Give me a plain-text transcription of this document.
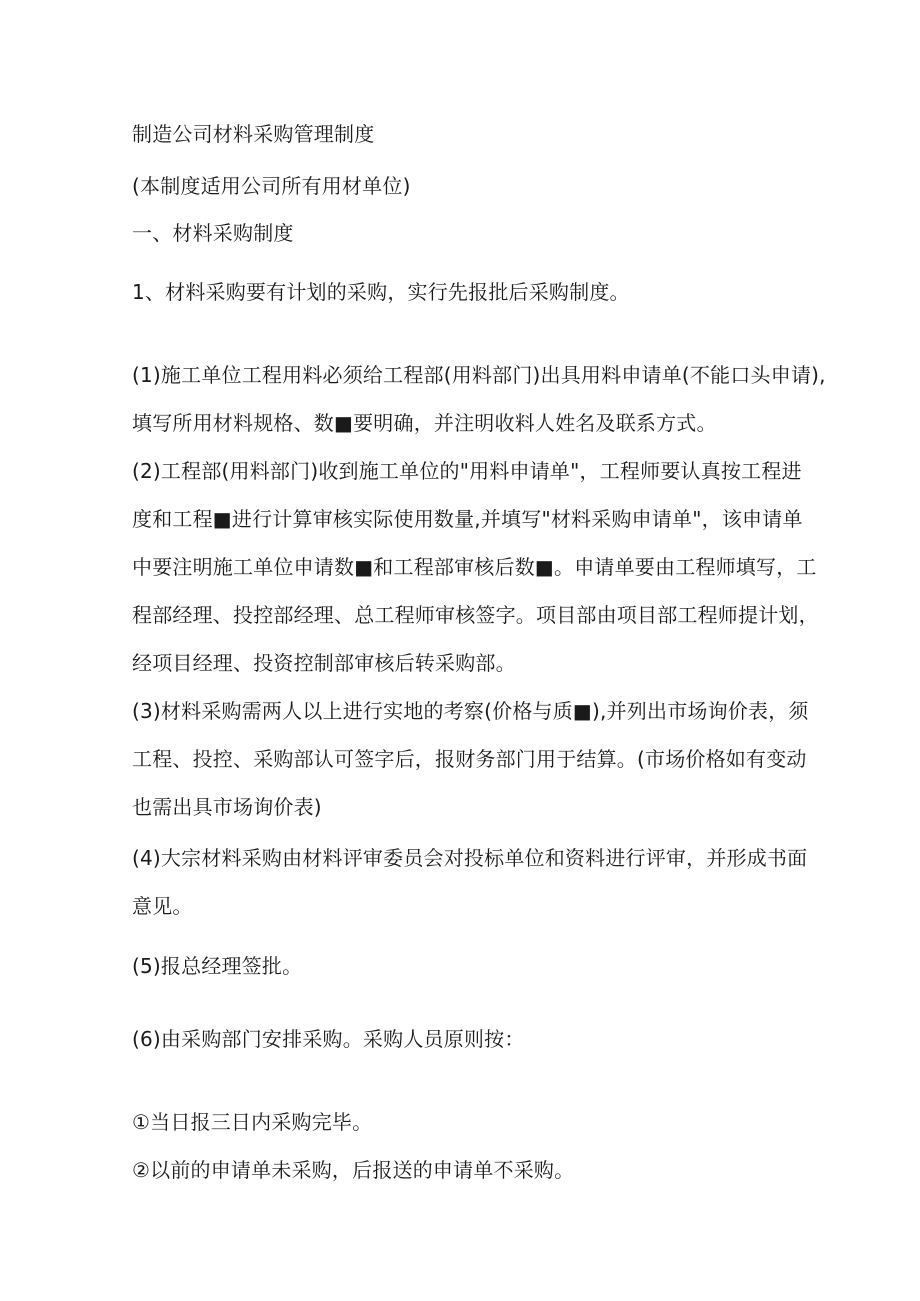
制造公司材料采购管理制度
(本制度适用公司所有用材单位)
一、材料采购制度
1、材料采购要有计划的采购，实行先报批后采购制度。
(1)施工单位工程用料必须给工程部(用料部门)出具用料申请单(不能口头申请),
填写所用材料规格、数■要明确，并注明收料人姓名及联系方式。
(2)工程部(用料部门)收到施工单位的"用料申请单"，工程师要认真按工程进
度和工程■进行计算审核实际使用数量,并填写"材料采购申请单"，该申请单
中要注明施工单位申请数■和工程部审核后数■。申请单要由工程师填写，工
程部经理、投控部经理、总工程师审核签字。项目部由项目部工程师提计划，
经项目经理、投资控制部审核后转采购部。
(3)材料采购需两人以上进行实地的考察(价格与质■),并列出市场询价表，须
工程、投控、采购部认可签字后，报财务部门用于结算。(市场价格如有变动
也需出具市场询价表)
(4)大宗材料采购由材料评审委员会对投标单位和资料进行评审，并形成书面
意见。
(5)报总经理签批。
(6)由采购部门安排采购。采购人员原则按：
①当日报三日内采购完毕。
②以前的申请单未采购，后报送的申请单不采购。
